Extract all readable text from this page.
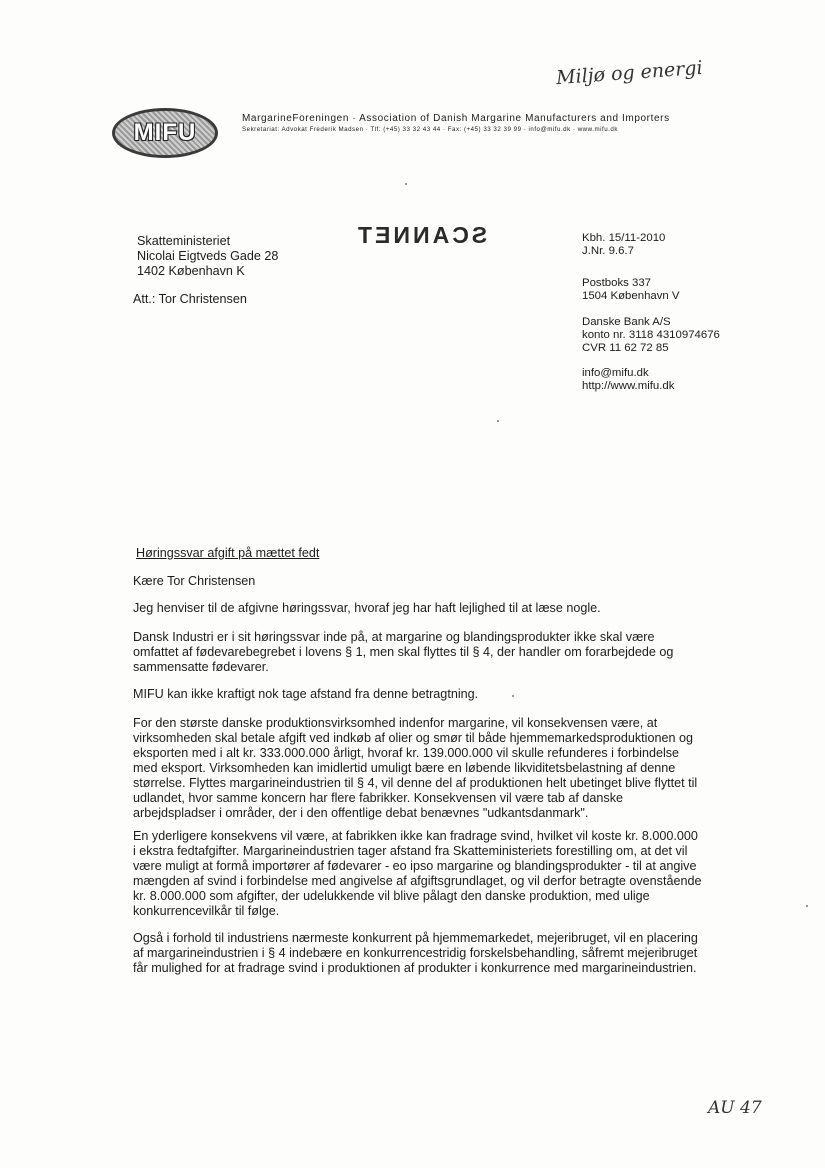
Miljø og energi
AU 47
MIFU
MargarineForeningen · Association of Danish Margarine Manufacturers and Importers
Sekretariat: Advokat Frederik Madsen · Tlf: (+45) 33 32 43 44 · Fax: (+45) 33 32 39 99 · info@mifu.dk · www.mifu.dk
SCANNET
Skatteministeriet
Nicolai Eigtveds Gade 28
1402 København K
Att.: Tor Christensen
Kbh. 15/11-2010
J.Nr. 9.6.7
Postboks 337
1504 København V
Danske Bank A/S
konto nr. 3118 4310974676
CVR 11 62 72 85
info@mifu.dk
http://www.mifu.dk
Høringssvar afgift på mættet fedt
Kære Tor Christensen

Jeg henviser til de afgivne høringssvar, hvoraf jeg har haft lejlighed til at læse nogle.

Dansk Industri er i sit høringssvar inde på, at margarine og blandingsprodukter ikke skal være
omfattet af fødevarebegrebet i lovens § 1, men skal flyttes til § 4, der handler om forarbejdede og
sammensatte fødevarer.

MIFU kan ikke kraftigt nok tage afstand fra denne betragtning.

For den største danske produktionsvirksomhed indenfor margarine, vil konsekvensen være, at
virksomheden skal betale afgift ved indkøb af olier og smør til både hjemmemarkedsproduktionen og
eksporten med i alt kr. 333.000.000 årligt, hvoraf kr. 139.000.000 vil skulle refunderes i forbindelse
med eksport. Virksomheden kan imidlertid umuligt bære en løbende likviditetsbelastning af denne
størrelse. Flyttes margarineindustrien til § 4, vil denne del af produktionen helt ubetinget blive flyttet til
udlandet, hvor samme koncern har flere fabrikker. Konsekvensen vil være tab af danske
arbejdspladser i områder, der i den offentlige debat benævnes "udkantsdanmark".

En yderligere konsekvens vil være, at fabrikken ikke kan fradrage svind, hvilket vil koste kr. 8.000.000
i ekstra fedtafgifter. Margarineindustrien tager afstand fra Skatteministeriets forestilling om, at det vil
være muligt at formå importører af fødevarer - eo ipso margarine og blandingsprodukter - til at angive
mængden af svind i forbindelse med angivelse af afgiftsgrundlaget, og vil derfor betragte ovenstående
kr. 8.000.000 som afgifter, der udelukkende vil blive pålagt den danske produktion, med ulige
konkurrencevilkår til følge.

Også i forhold til industriens nærmeste konkurrent på hjemmemarkedet, mejeribruget, vil en placering
af margarineindustrien i § 4 indebære en konkurrencestridig forskelsbehandling, såfremt mejeribruget
får mulighed for at fradrage svind i produktionen af produkter i konkurrence med margarineindustrien.
